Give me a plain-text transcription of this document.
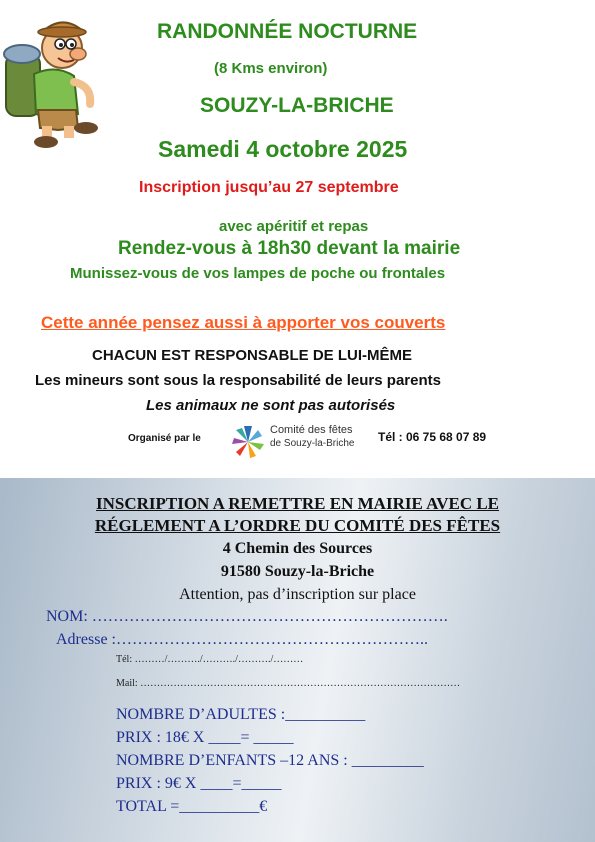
RANDONNÉE NOCTURNE
(8 Kms environ)
SOUZY-LA-BRICHE
Samedi 4 octobre 2025
Inscription jusqu’au 27 septembre
avec apéritif et repas
Rendez-vous à 18h30 devant la mairie
Munissez-vous de vos lampes de poche ou frontales
Cette année pensez aussi à apporter vos couverts
CHACUN EST RESPONSABLE DE LUI-MÊME
Les mineurs sont sous la responsabilité de leurs parents
Les animaux ne sont pas autorisés
Organisé par le
Comité des fêtes
de Souzy-la-Briche Tél : 06 75 68 07 89
INSCRIPTION A REMETTRE EN MAIRIE AVEC LE
RÉGLEMENT A L’ORDRE DU COMITÉ DES FÊTES
4 Chemin des Sources
91580 Souzy-la-Briche
Attention, pas d’inscription sur place
NOM: ………………………………………………………….
Adresse :…………………………………………………..
Tél: ………/………./………./………./………
Mail: ……………………………………………………………………………………
NOMBRE D’ADULTES :__________
PRIX : 18€ X ____= _____
NOMBRE D’ENFANTS –12 ANS : _________
PRIX : 9€ X ____=_____
TOTAL =__________€
